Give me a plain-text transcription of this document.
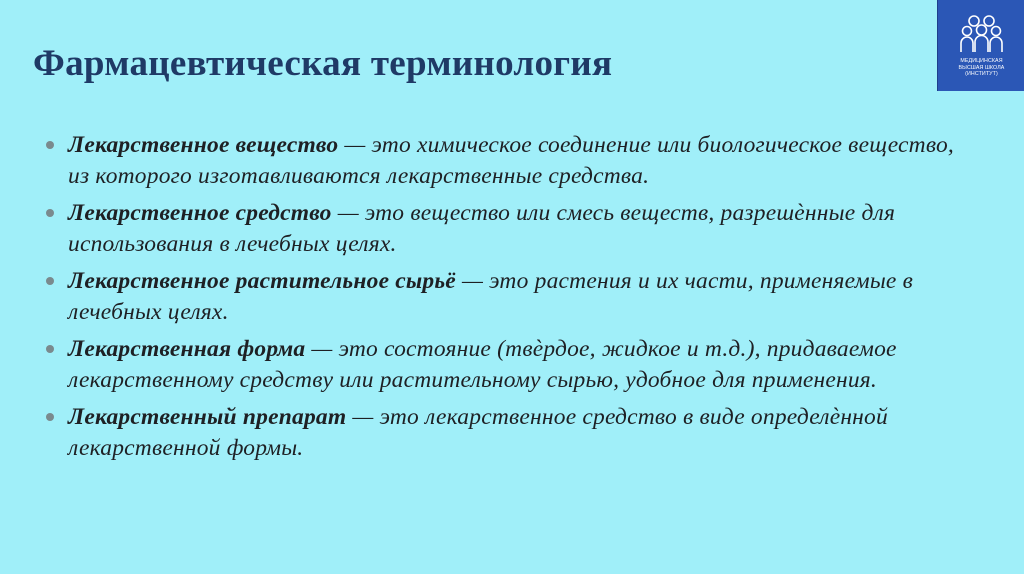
Фармацевтическая терминология	МЕДИЦИНСКАЯ
ВЫСШАЯ ШКОЛА
(ИНСТИТУТ)
Лекарственное вещество — это химическое соединение или биологическое вещество, из которого изготавливаются лекарственные средства.
Лекарственное средство — это вещество или смесь веществ, разрешѐнные для использования в лечебных целях.
Лекарственное растительное сырьё — это растения и их части, применяемые в лечебных целях.
Лекарственная форма — это состояние (твѐрдое, жидкое и т.д.), придаваемое лекарственному средству или растительному сырью, удобное для применения.
Лекарственный препарат — это лекарственное средство в виде определѐнной лекарственной формы.
